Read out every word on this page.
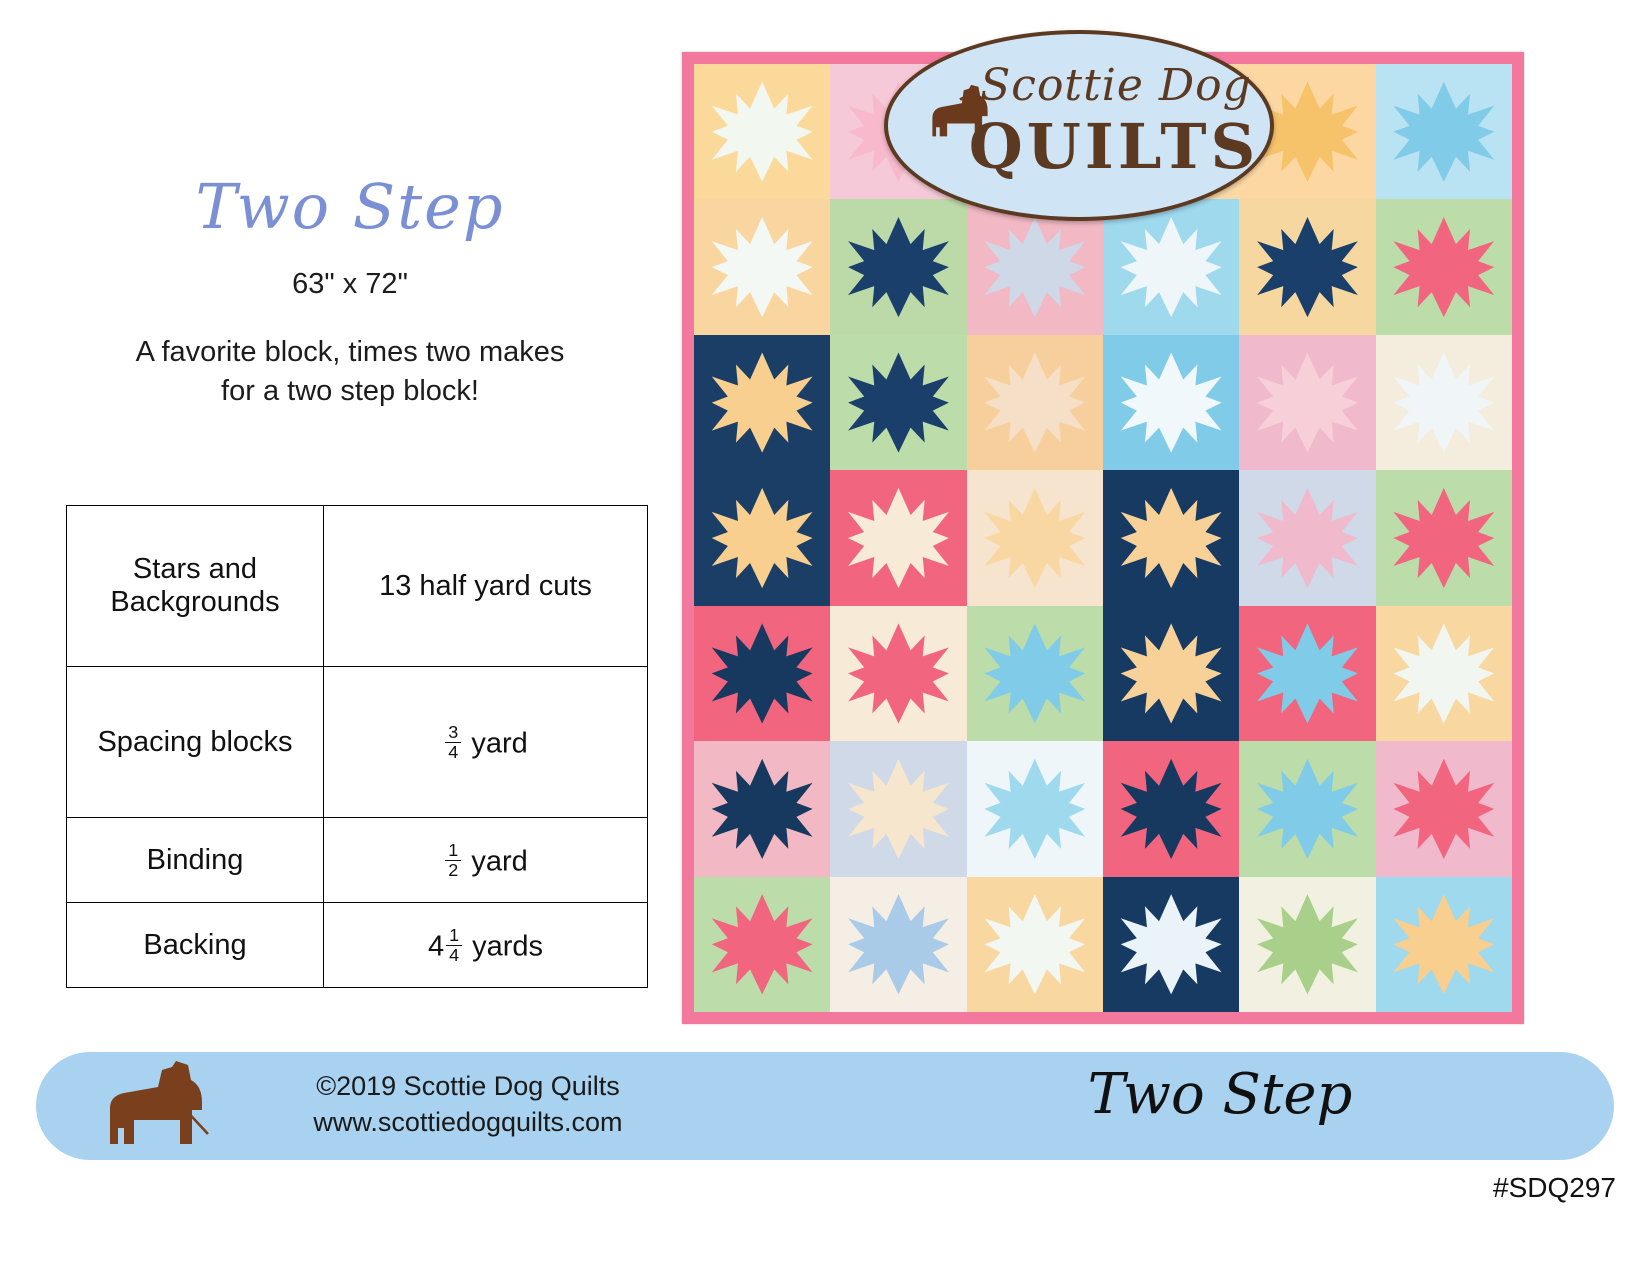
Two Step
63" x 72"
A favorite block, times two makes
for a two step block!
Stars and
Backgrounds	13 half yard cuts
Spacing blocks	$\frac{3}{4}$ yard
Binding	$\frac{1}{2}$ yard
Backing	$4 \frac{1}{4}$ yards
Scottie Dog
QUILTS
©2019 Scottie Dog Quilts
www.scottiedogquilts.com	Two Step
#SDQ297
